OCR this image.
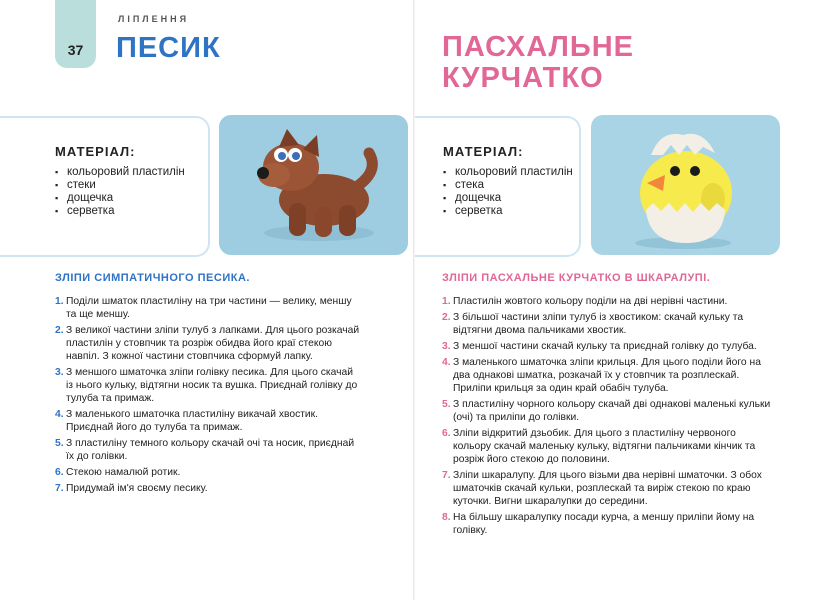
37
ЛІПЛЕННЯ
ПЕСИК
МАТЕРІАЛ:
▪ кольоровий пластилін
▪ стеки
▪ дощечка
▪ серветка
ЗЛІПИ СИМПАТИЧНОГО ПЕСИКА.
1. Поділи шматок пластиліну на три частини — велику, меншу та ще меншу.
2. З великої частини зліпи тулуб з лапками. Для цього розкачай пластилін у стовпчик та розріж обидва його краї стекою навпіл. З кожної частини стовпчика сформуй лапку.
3. З меншого шматочка зліпи голівку песика. Для цього скачай із нього кульку, відтягни носик та вушка. Приєднай голівку до тулуба та примаж.
4. З маленького шматочка пластиліну викачай хвостик. Приєднай його до тулуба та примаж.
5. З пластиліну темного кольору скачай очі та носик, приєднай їх до голівки.
6. Стекою намалюй ротик.
7. Придумай ім'я своєму песику.
ПАСХАЛЬНЕ
КУРЧАТКО
МАТЕРІАЛ:
▪ кольоровий пластилін
▪ стека
▪ дощечка
▪ серветка
ЗЛІПИ ПАСХАЛЬНЕ КУРЧАТКО В ШКАРАЛУПІ.
1. Пластилін жовтого кольору поділи на дві нерівні частини.
2. З більшої частини зліпи тулуб із хвостиком: скачай кульку та відтягни двома пальчиками хвостик.
3. З меншої частини скачай кульку та приєднай голівку до тулуба.
4. З маленького шматочка зліпи крильця. Для цього поділи його на два однакові шматка, розкачай їх у стовпчик та розплескай. Приліпи крильця за один край обабіч тулуба.
5. З пластиліну чорного кольору скачай дві однакові маленькі кульки (очі) та приліпи до голівки.
6. Зліпи відкритий дзьобик. Для цього з пластиліну червоного кольору скачай маленьку кульку, відтягни пальчиками кінчик та розріж його стекою до половини.
7. Зліпи шкаралупу. Для цього візьми два нерівні шматочки. З обох шматочків скачай кульки, розплескай та виріж стекою по краю куточки. Вигни шкаралупки до середини.
8. На більшу шкаралупку посади курча, а меншу приліпи йому на голівку.
